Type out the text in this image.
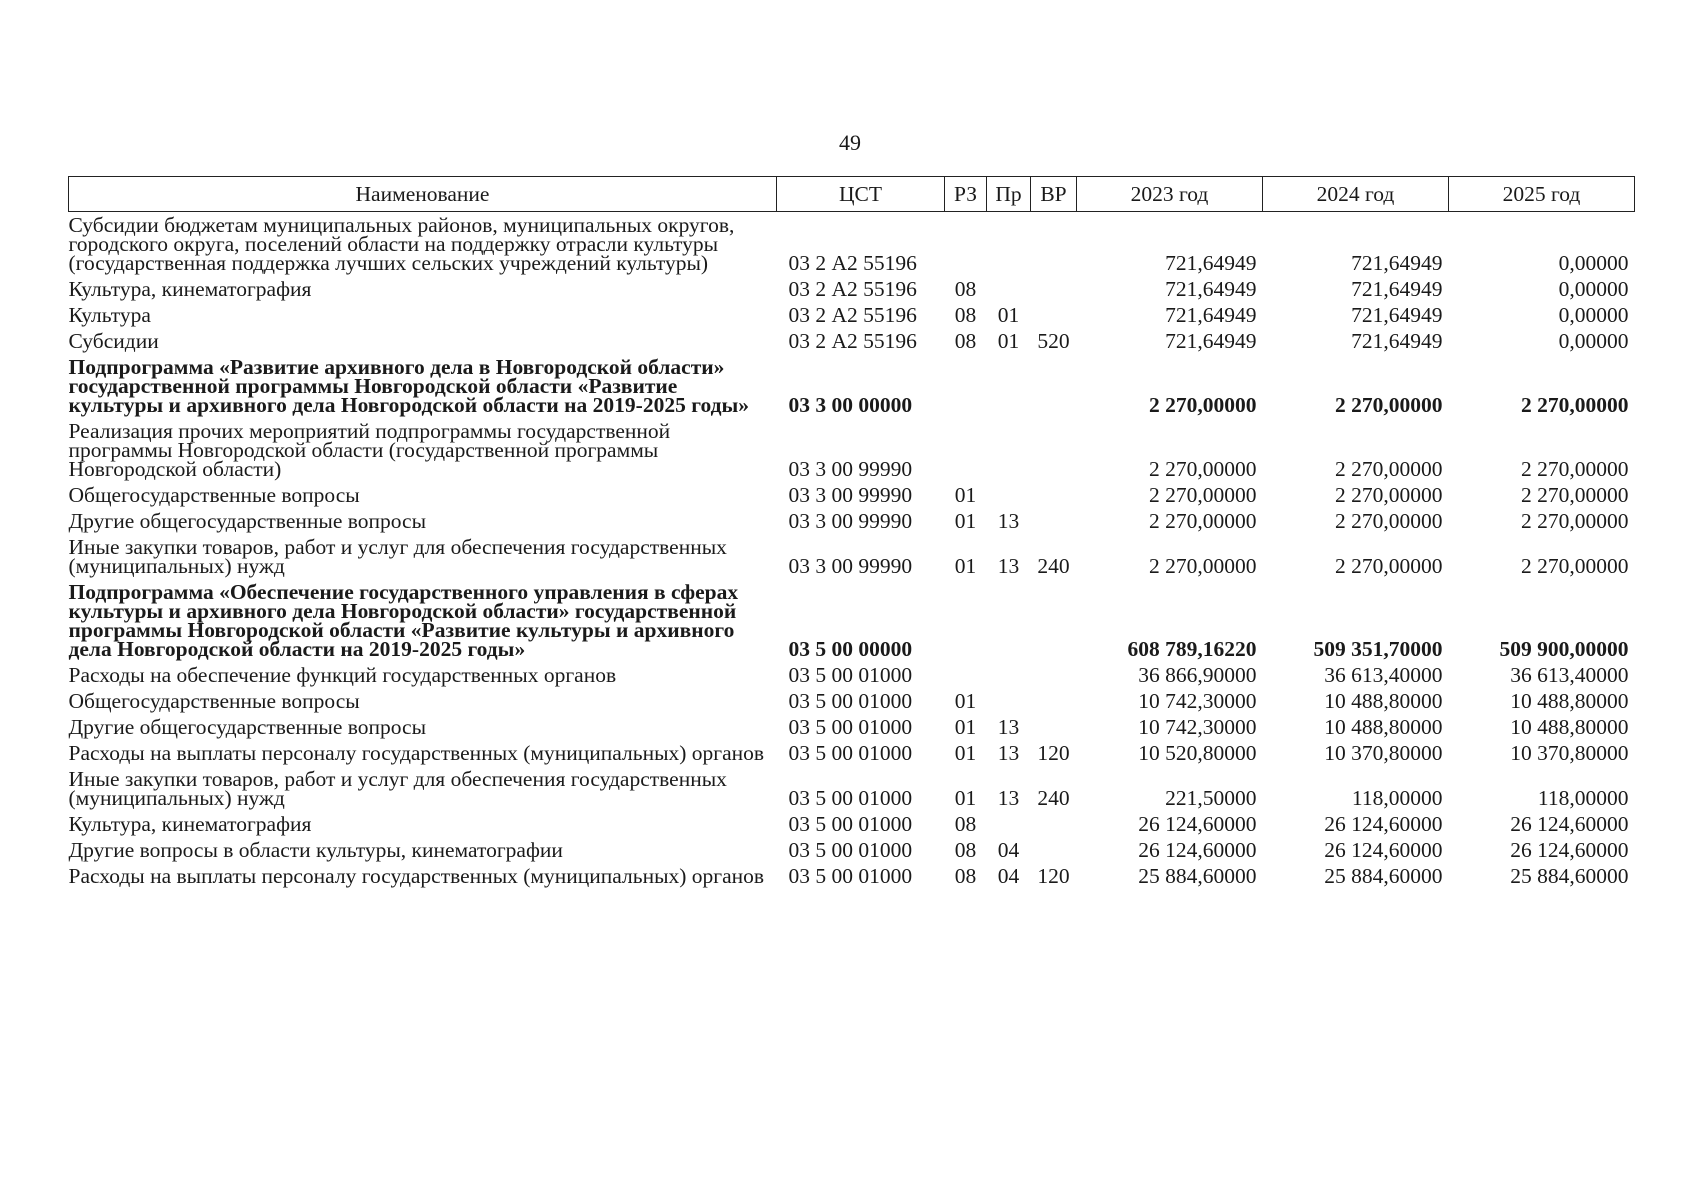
49
Наименование	ЦСТ	РЗ	Пр	ВР	2023 год	2024 год	2025 год
Субсидии бюджетам муниципальных районов, муниципальных округов, городского округа, поселений области на поддержку отрасли культуры (государственная поддержка лучших сельских учреждений культуры)	03 2 А2 55196				721,64949	721,64949	0,00000
Культура, кинематография	03 2 А2 55196	08			721,64949	721,64949	0,00000
Культура	03 2 А2 55196	08	01		721,64949	721,64949	0,00000
Субсидии	03 2 А2 55196	08	01	520	721,64949	721,64949	0,00000
Подпрограмма «Развитие архивного дела в Новгородской области» государственной программы Новгородской области «Развитие культуры и архивного дела Новгородской области на 2019-2025 годы»	03 3 00 00000				2 270,00000	2 270,00000	2 270,00000
Реализация прочих мероприятий подпрограммы государственной программы Новгородской области (государственной программы Новгородской области)	03 3 00 99990				2 270,00000	2 270,00000	2 270,00000
Общегосударственные вопросы	03 3 00 99990	01			2 270,00000	2 270,00000	2 270,00000
Другие общегосударственные вопросы	03 3 00 99990	01	13		2 270,00000	2 270,00000	2 270,00000
Иные закупки товаров, работ и услуг для обеспечения государственных (муниципальных) нужд	03 3 00 99990	01	13	240	2 270,00000	2 270,00000	2 270,00000
Подпрограмма «Обеспечение государственного управления в сферах культуры и архивного дела Новгородской области» государственной программы Новгородской области «Развитие культуры и архивного дела Новгородской области на 2019-2025 годы»	03 5 00 00000				608 789,16220	509 351,70000	509 900,00000
Расходы на обеспечение функций государственных органов	03 5 00 01000				36 866,90000	36 613,40000	36 613,40000
Общегосударственные вопросы	03 5 00 01000	01			10 742,30000	10 488,80000	10 488,80000
Другие общегосударственные вопросы	03 5 00 01000	01	13		10 742,30000	10 488,80000	10 488,80000
Расходы на выплаты персоналу государственных (муниципальных) органов	03 5 00 01000	01	13	120	10 520,80000	10 370,80000	10 370,80000
Иные закупки товаров, работ и услуг для обеспечения государственных (муниципальных) нужд	03 5 00 01000	01	13	240	221,50000	118,00000	118,00000
Культура, кинематография	03 5 00 01000	08			26 124,60000	26 124,60000	26 124,60000
Другие вопросы в области культуры, кинематографии	03 5 00 01000	08	04		26 124,60000	26 124,60000	26 124,60000
Расходы на выплаты персоналу государственных (муниципальных) органов	03 5 00 01000	08	04	120	25 884,60000	25 884,60000	25 884,60000
